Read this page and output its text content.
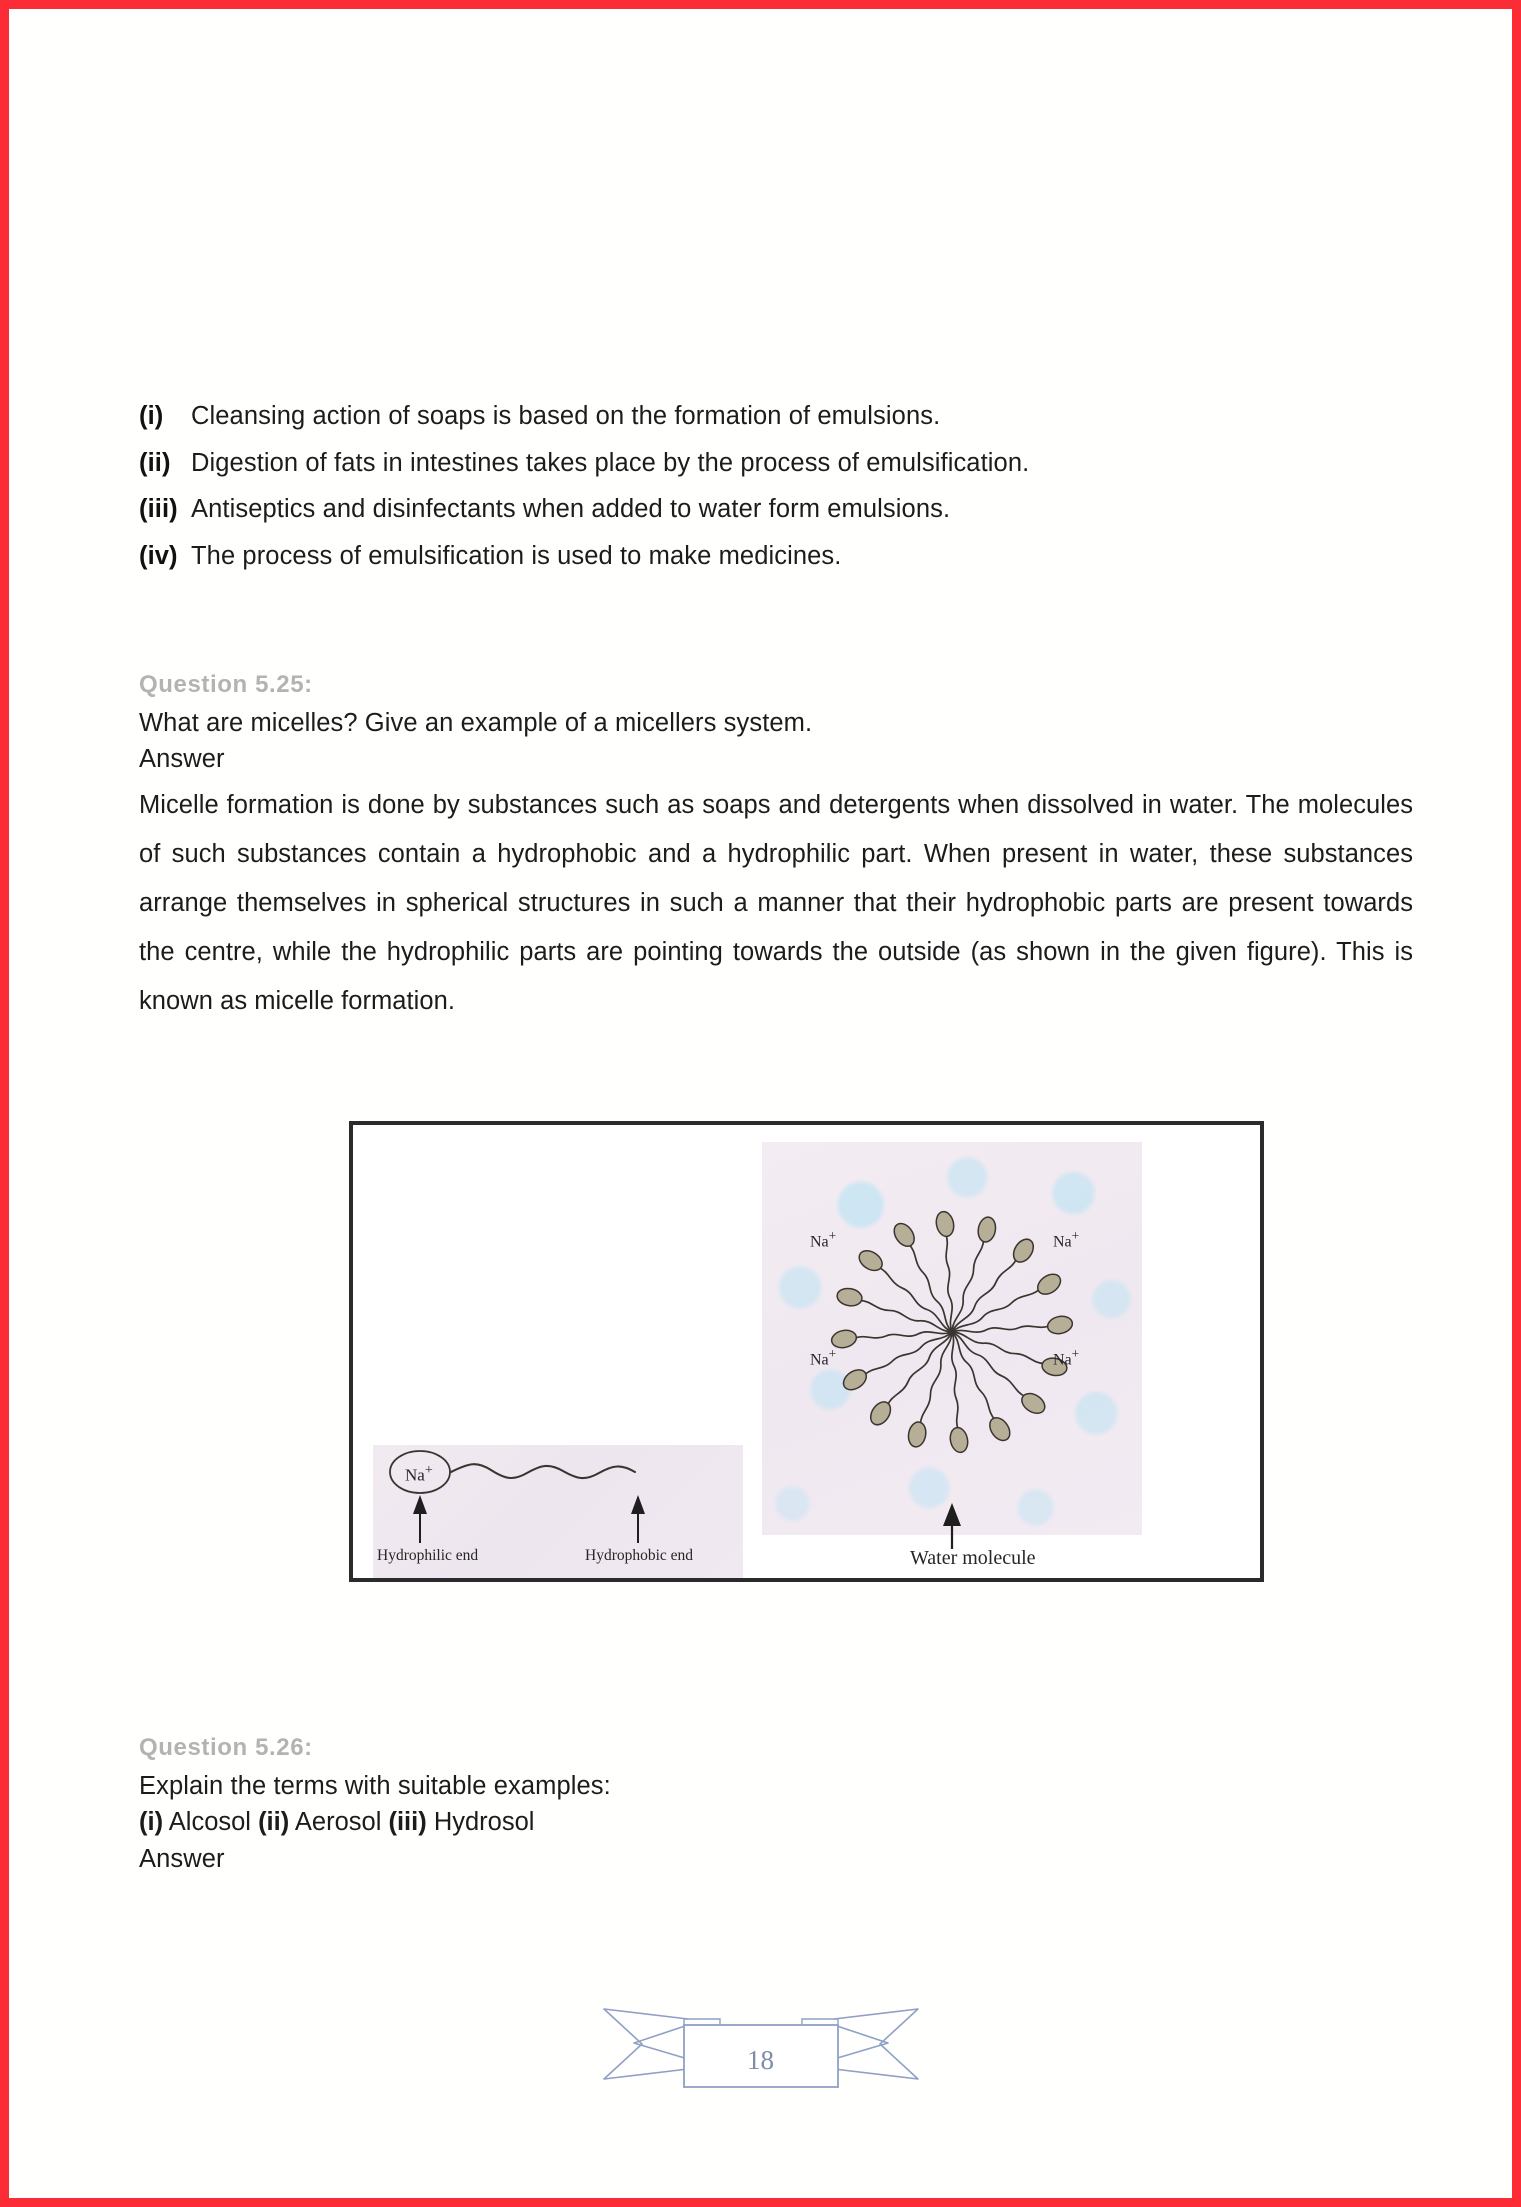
(i)	Cleansing action of soaps is based on the formation of emulsions.
(ii) Digestion of fats in intestines takes place by the process of emulsification.
(iii) Antiseptics and disinfectants when added to water form emulsions.
(iv) The process of emulsification is used to make medicines.
Question 5.25:
What are micelles? Give an example of a micellers system.
Answer
Micelle formation is done by substances such as soaps and detergents when dissolved in water. The molecules of such substances contain a hydrophobic and a hydrophilic part. When present in water, these substances arrange themselves in spherical structures in such a manner that their hydrophobic parts are present towards the centre, while the hydrophilic parts are pointing towards the outside (as shown in the given figure). This is known as micelle formation.
Na+
Hydrophilic end	Hydrophobic end
Na+	Na+
Na+	Na+
Water molecule
Question 5.26:
Explain the terms with suitable examples:
(i) Alcosol (ii) Aerosol (iii) Hydrosol
Answer
18
